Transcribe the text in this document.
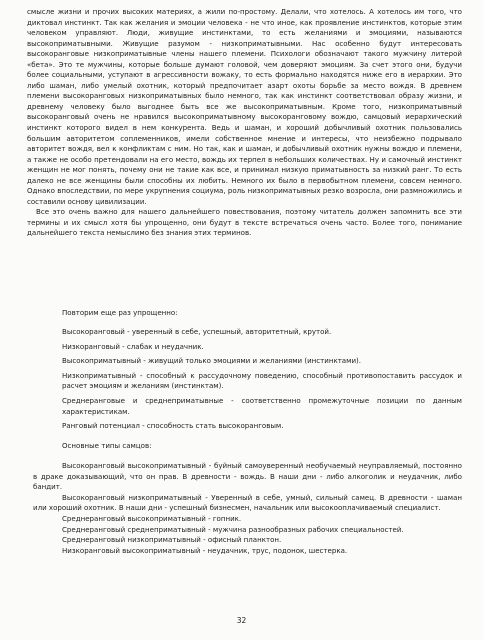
смысле жизни и прочих высоких материях, а жили по-простому. Делали, что хотелось. А хотелось им того, что диктовал инстинкт. Так как желания и эмоции человека - не что иное, как проявление инстинктов, которые этим человеком управляют. Люди, живущие инстинктами, то есть желаниями и эмоциями, называются высокоприматывными. Живущие разумом - низкоприматывными. Нас особенно будут интересовать высокоранговые низкоприматывные члены нашего племени. Психологи обозначают такого мужчину литерой «бета». Это те мужчины, которые больше думают головой, чем доверяют эмоциям. За счет этого они, будучи более социальными, уступают в агрессивности вожаку, то есть формально находятся ниже его в иерархии. Это либо шаман, либо умелый охотник, который предпочитает азарт охоты борьбе за место вождя. В древнем племени высокоранговых низкоприматывных было немного, так как инстинкт соответствовал образу жизни, и древнему человеку было выгоднее быть все же высокоприматывным. Кроме того, низкоприматывный высокоранговый очень не нравился высокоприматывному высокоранговому вождю, самцовый иерархический инстинкт которого видел в нем конкурента. Ведь и шаман, и хороший добычливый охотник пользовались большим авторитетом соплеменников, имели собственное мнение и интересы, что неизбежно подрывало авторитет вождя, вел к конфликтам с ним. Но так, как и шаман, и добычливый охотник нужны вождю и племени, а также не особо претендовали на его место, вождь их терпел в небольших количествах. Ну и самочный инстинкт женщин не мог понять, почему они не такие как все, и принимал низкую приматывность за низкий ранг. То есть далеко не все женщины были способны их любить. Немного их было в первобытном племени, совсем немного. Однако впоследствии, по мере укрупнения социума, роль низкоприматывных резко возросла, они размножились и составили основу цивилизации.

Все это очень важно для нашего дальнейшего повествования, поэтому читатель должен запомнить все эти термины и их смысл хотя бы упрощенно, они будут в тексте встречаться очень часто. Более того, понимание дальнейшего текста немыслимо без знания этих терминов.

Повторим еще раз упрощенно:

Высокоранговый - уверенный в себе, успешный, авторитетный, крутой.

Низкоранговый - слабак и неудачник.

Высокоприматывный - живущий только эмоциями и желаниями (инстинктами).

Низкоприматывный - способный к рассудочному поведению, способный противопоставить рассудок и расчет эмоциям и желаниям (инстинктам).

Среднеранговые и среднеприматывные - соответственно промежуточные позиции по данным характеристикам.

Ранговый потенциал - способность стать высокоранговым.
Основные типы самцов:

Высокоранговый высокоприматывный - буйный самоуверенный необучаемый неуправляемый, постоянно в драке доказывающий, что он прав. В древности - вождь. В наши дни - либо алкоголик и неудачник, либо бандит.

Высокоранговый низкоприматывный - Уверенный в себе, умный, сильный самец. В древности - шаман или хороший охотник. В наши дни - успешный бизнесмен, начальник или высокооплачиваемый специалист.

Среднеранговый высокоприматывный - гопник.

Среднеранговый среднеприматывный - мужчина разнообразных рабочих специальностей.

Среднеранговый низкоприматывный - офисный планктон.

Низкоранговый высокоприматывный - неудачник, трус, подонок, шестерка.

32
